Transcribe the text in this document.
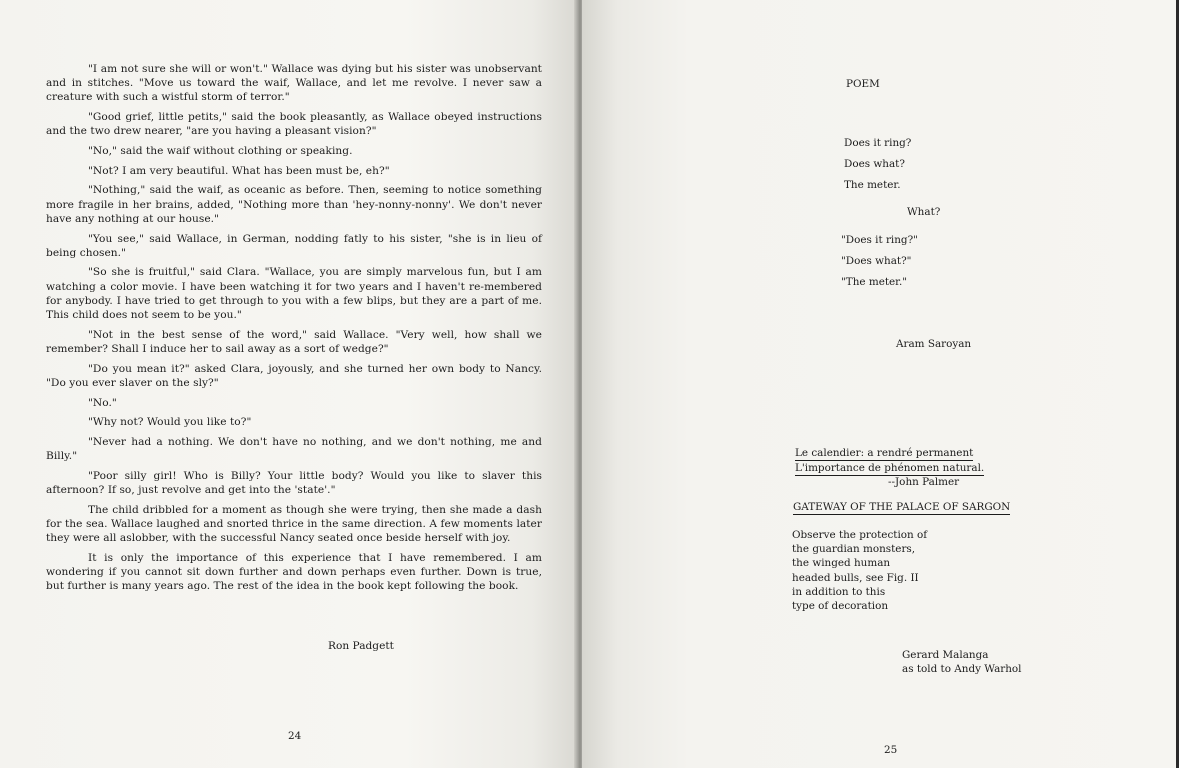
"I am not sure she will or won't." Wallace was dying but his sister was unobservant and in stitches. "Move us toward the waif, Wallace, and let me revolve. I never saw a creature with such a wistful storm of terror."

"Good grief, little petits," said the book pleasantly, as Wallace obeyed instructions and the two drew nearer, "are you having a pleasant vision?"

"No," said the waif without clothing or speaking.

"Not? I am very beautiful. What has been must be, eh?"

"Nothing," said the waif, as oceanic as before. Then, seeming to notice something more fragile in her brains, added, "Nothing more than 'hey-nonny-nonny'. We don't never have any nothing at our house."

"You see," said Wallace, in German, nodding fatly to his sister, "she is in lieu of being chosen."

"So she is fruitful," said Clara. "Wallace, you are simply marvelous fun, but I am watching a color movie. I have been watching it for two years and I haven't re-membered for anybody. I have tried to get through to you with a few blips, but they are a part of me. This child does not seem to be you."

"Not in the best sense of the word," said Wallace. "Very well, how shall we remember? Shall I induce her to sail away as a sort of wedge?"

"Do you mean it?" asked Clara, joyously, and she turned her own body to Nancy. "Do you ever slaver on the sly?"

"No."

"Why not? Would you like to?"

"Never had a nothing. We don't have no nothing, and we don't nothing, me and Billy."

"Poor silly girl! Who is Billy? Your little body? Would you like to slaver this afternoon? If so, just revolve and get into the 'state'."

The child dribbled for a moment as though she were trying, then she made a dash for the sea. Wallace laughed and snorted thrice in the same direction. A few moments later they were all aslobber, with the successful Nancy seated once beside herself with joy.

It is only the importance of this experience that I have remembered. I am wondering if you cannot sit down further and down perhaps even further. Down is true, but further is many years ago. The rest of the idea in the book kept following the book.

Ron Padgett
24
POEM
Does it ring?
Does what?
The meter.
What?
"Does it ring?"
"Does what?"
"The meter."
Aram Saroyan
Le calendier: a rendré permanent
L'importance de phénomen natural.
--John Palmer
GATEWAY OF THE PALACE OF SARGON
Observe the protection of
the guardian monsters,
the winged human
headed bulls, see Fig. II
in addition to this
type of decoration
Gerard Malanga
as told to Andy Warhol
25
